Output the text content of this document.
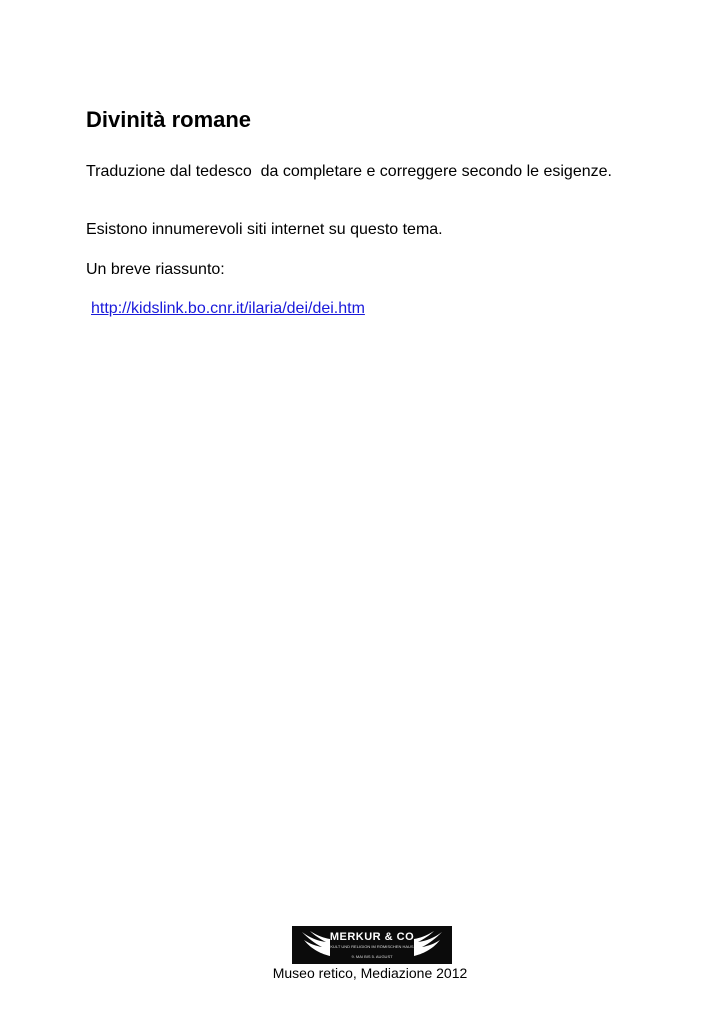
Divinità romane

Traduzione dal tedesco  da completare e correggere secondo le esigenze.

Esistono innumerevoli siti internet su questo tema.

Un breve riassunto:

http://kidslink.bo.cnr.it/ilaria/dei/dei.htm

MERKUR & CO
KULT UND RELIGION IM RÖMISCHEN HAUS
9. MAI BIS 5. AUGUST

Museo retico, Mediazione 2012
